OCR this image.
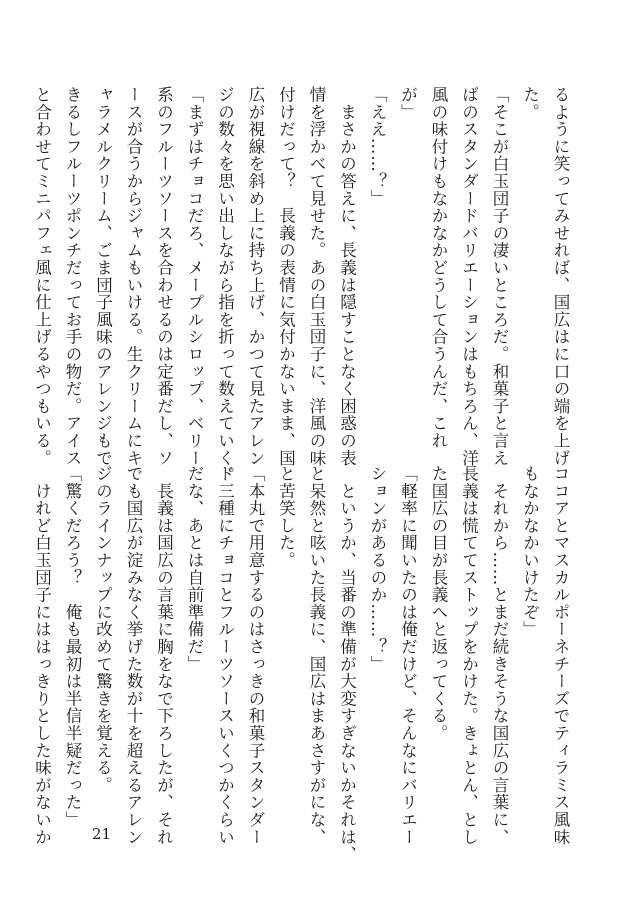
るように笑ってみせれば、国広はに口の端を上げ
た。
「そこが白玉団子の凄いところだ。和菓子と言え
ばのスタンダードバリエーションはもちろん、洋
風の味付けもなかなかどうして合うんだ、これ
が」
「ええ……？」
　まさかの答えに、長義は隠すことなく困惑の表
情を浮かべて見せた。あの白玉団子に、洋風の味
付けだって？　長義の表情に気付かないまま、国
広が視線を斜め上に持ち上げ、かつて見たアレン
ジの数々を思い出しながら指を折って数えていく。
「まずはチョコだろ、メープルシロップ、ベリー
系のフルーツソースを合わせるのは定番だし、ソ
ースが合うからジャムもいける。生クリームにキ
ャラメルクリーム、ごま団子風味のアレンジもで
きるしフルーツポンチだってお手の物だ。アイス
と合わせてミニパフェ風に仕上げるやつもいる。
ココアとマスカルポーネチーズでティラミス風味
もなかなかいけたぞ」
　それから……とまだ続きそうな国広の言葉に、
長義は慌ててストップをかけた。きょとん、とし
た国広の目が長義へと返ってくる。
「軽率に聞いたのは俺だけど、そんなにバリエー
ションがあるのか……？」
　というか、当番の準備が大変すぎないかそれは、
と呆然と呟いた長義に、国広はまあさすがにな、
と苦笑した。
「本丸で用意するのはさっきの和菓子スタンダー
ド三種にチョコとフルーツソースいくつかくらい
だな、あとは自前準備だ」
　長義は国広の言葉に胸をなで下ろしたが、それ
でも国広が淀みなく挙げた数が十を超えるアレン
ジのラインナップに改めて驚きを覚える。
「驚くだろう？　俺も最初は半信半疑だった」
　けれど白玉団子にははっきりとした味がないか	21
